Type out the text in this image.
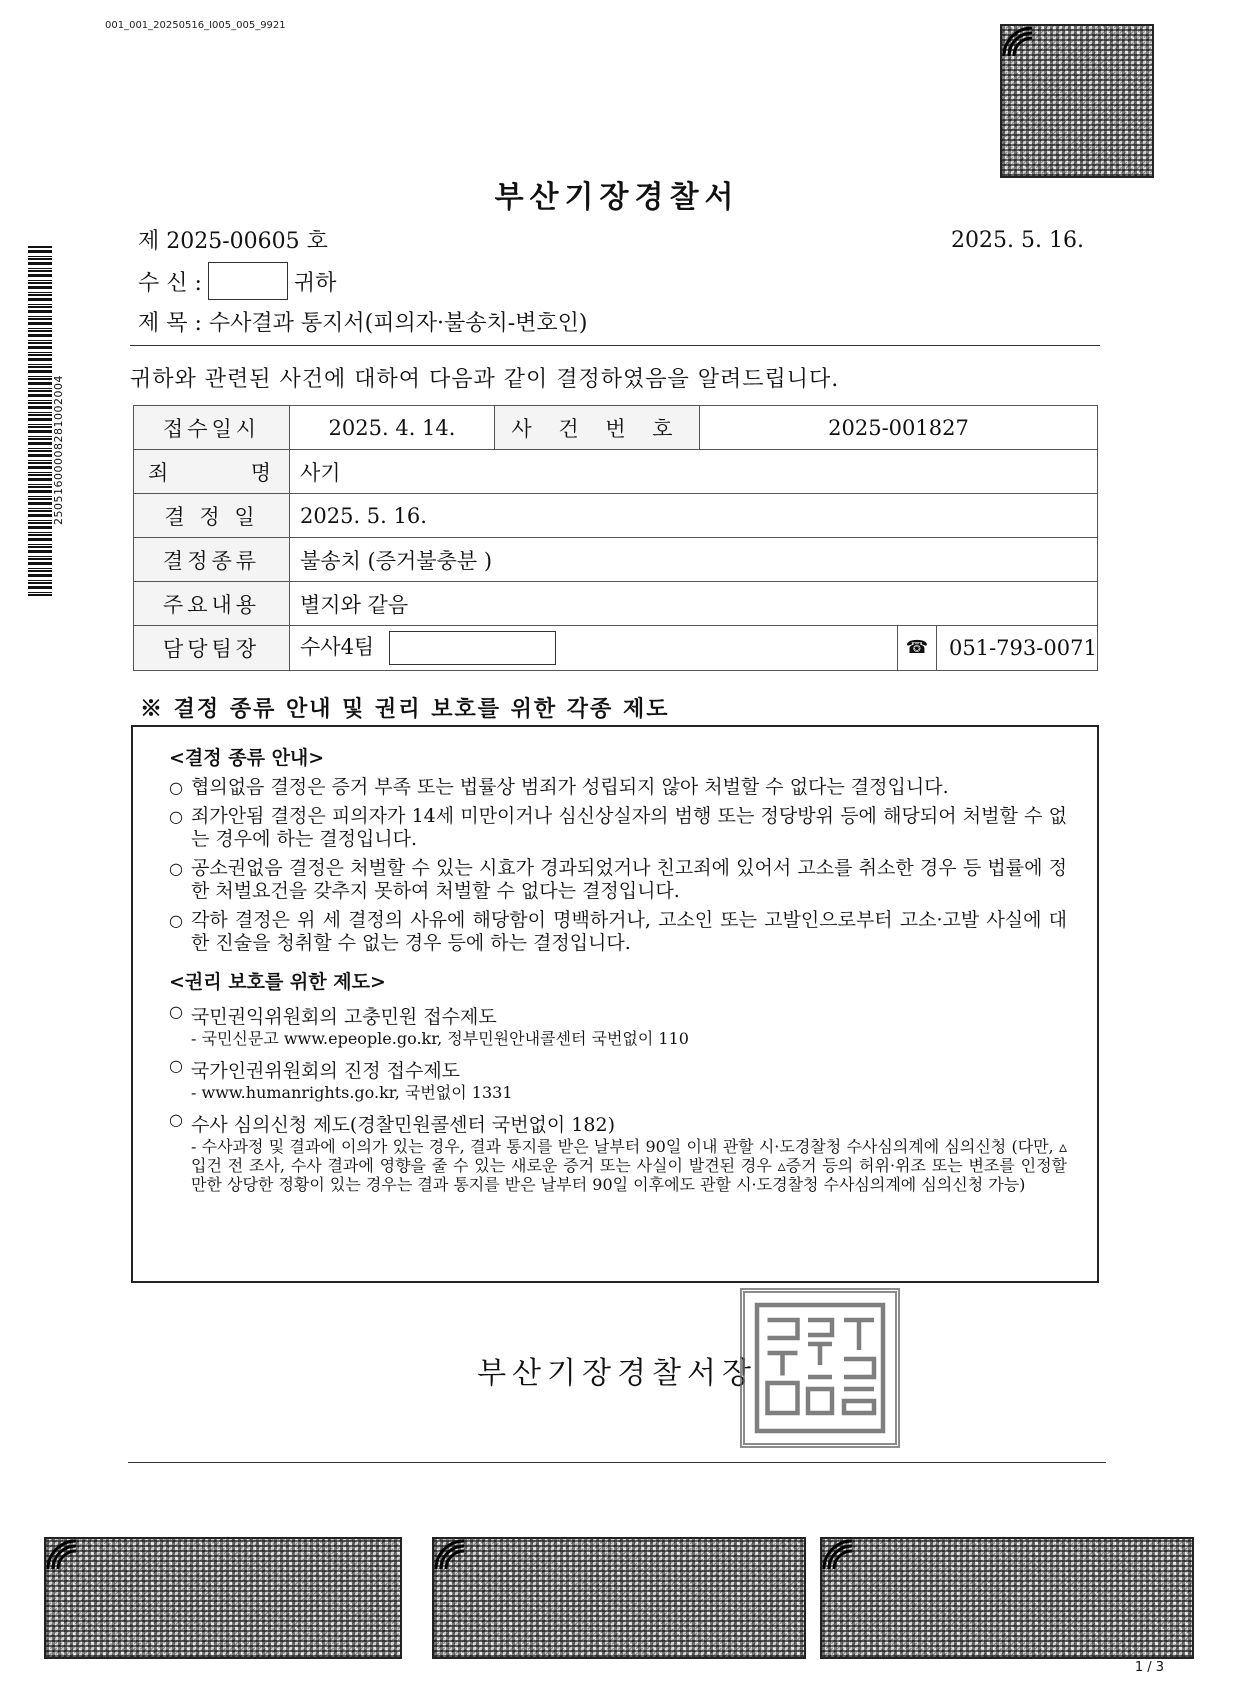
001_001_20250516_I005_005_9921
25051600008281002004
부산기장경찰서
제 2025-00605 호	2025. 5. 16.
수 신 :	귀하
제 목 : 수사결과 통지서(피의자·불송치-변호인)
귀하와 관련된 사건에 대하여 다음과 같이 결정하였음을 알려드립니다.
접수일시	2025. 4. 14.	사 건 번 호	2025-001827	

죄 명	사기			
결 정 일	2025. 5. 16.			
결정종류	불송치 (증거불충분 )			
주요내용	별지와 같음			
담당팀장	수사4팀			☎ 051-793-0071
※ 결정 종류 안내 및 권리 보호를 위한 각종 제도
<결정 종류 안내>
○ 협의없음 결정은 증거 부족 또는 법률상 범죄가 성립되지 않아 처벌할 수 없다는 결정입니다.
○ 죄가안됨 결정은 피의자가 14세 미만이거나 심신상실자의 범행 또는 정당방위 등에 해당되어 처벌할 수 없는 경우에 하는 결정입니다.
○ 공소권없음 결정은 처벌할 수 있는 시효가 경과되었거나 친고죄에 있어서 고소를 취소한 경우 등 법률에 정한 처벌요건을 갖추지 못하여 처벌할 수 없다는 결정입니다.
○ 각하 결정은 위 세 결정의 사유에 해당함이 명백하거나, 고소인 또는 고발인으로부터 고소·고발 사실에 대한 진술을 청취할 수 없는 경우 등에 하는 결정입니다.
<권리 보호를 위한 제도>
○ 국민권익위원회의 고충민원 접수제도
- 국민신문고 www.epeople.go.kr, 정부민원안내콜센터 국번없이 110
○ 국가인권위원회의 진정 접수제도
- www.humanrights.go.kr, 국번없이 1331
○ 수사 심의신청 제도(경찰민원콜센터 국번없이 182)
- 수사과정 및 결과에 이의가 있는 경우, 결과 통지를 받은 날부터 90일 이내 관할 시·도경찰청 수사심의계에 심의신청 (다만, ▵입건 전 조사, 수사 결과에 영향을 줄 수 있는 새로운 증거 또는 사실이 발견된 경우 ▵증거 등의 허위·위조 또는 변조를 인정할 만한 상당한 정황이 있는 경우는 결과 통지를 받은 날부터 90일 이후에도 관할 시·도경찰청 수사심의계에 심의신청 가능)
부산기장경찰서장
1 / 3
